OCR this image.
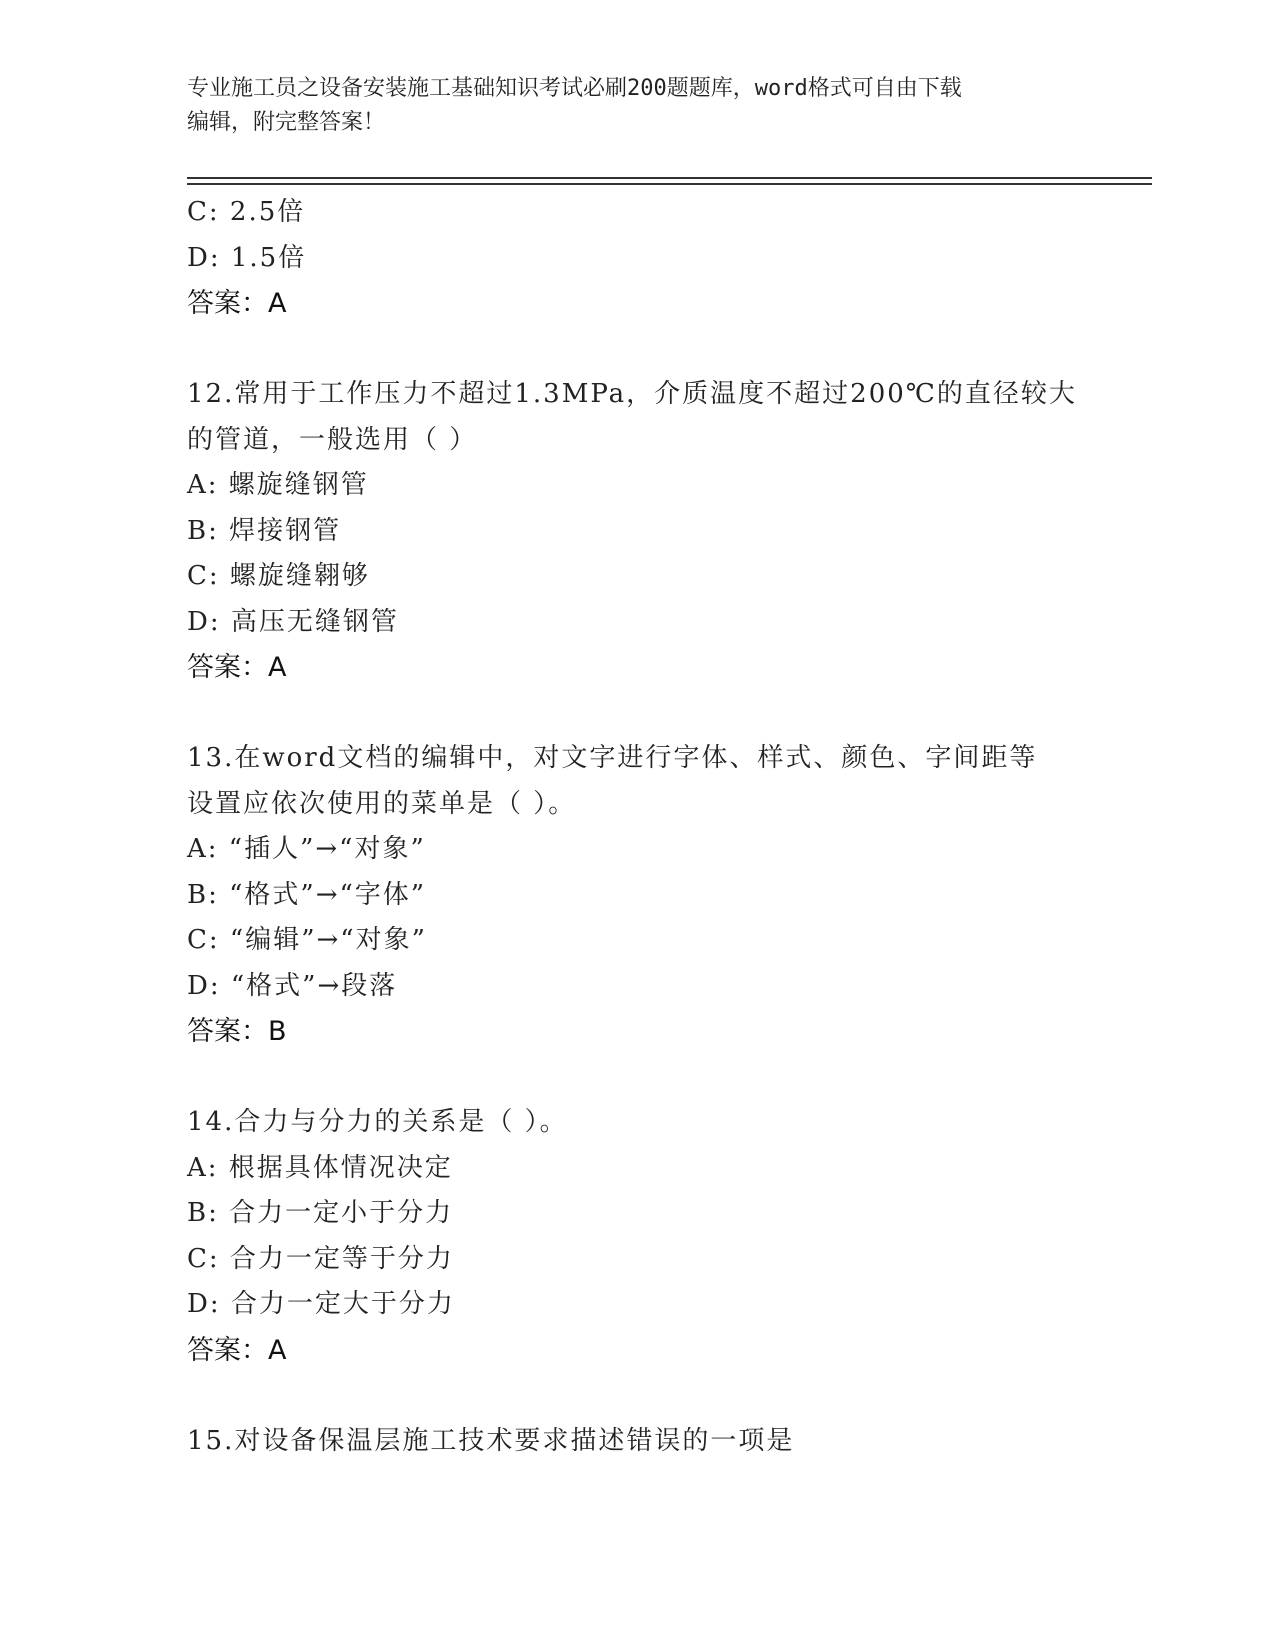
专业施工员之设备安装施工基础知识考试必刷200题题库，word格式可自由下载
编辑，附完整答案！
C: 2.5倍
D: 1.5倍
答案：A
12.常用于工作压力不超过1.3MPa，介质温度不超过200℃的直径较大
的管道，一般选用（ ）
A: 螺旋缝钢管
B: 焊接钢管
C: 螺旋缝翱够
D: 高压无缝钢管
答案：A
13.在word文档的编辑中，对文字进行字体、样式、颜色、字间距等
设置应依次使用的菜单是（ ）。
A: “插人”→“对象”
B: “格式”→“字体”
C: “编辑”→“对象”
D: “格式”→段落
答案：B
14.合力与分力的关系是（ ）。
A: 根据具体情况决定
B: 合力一定小于分力
C: 合力一定等于分力
D: 合力一定大于分力
答案：A
15.对设备保温层施工技术要求描述错误的一项是
